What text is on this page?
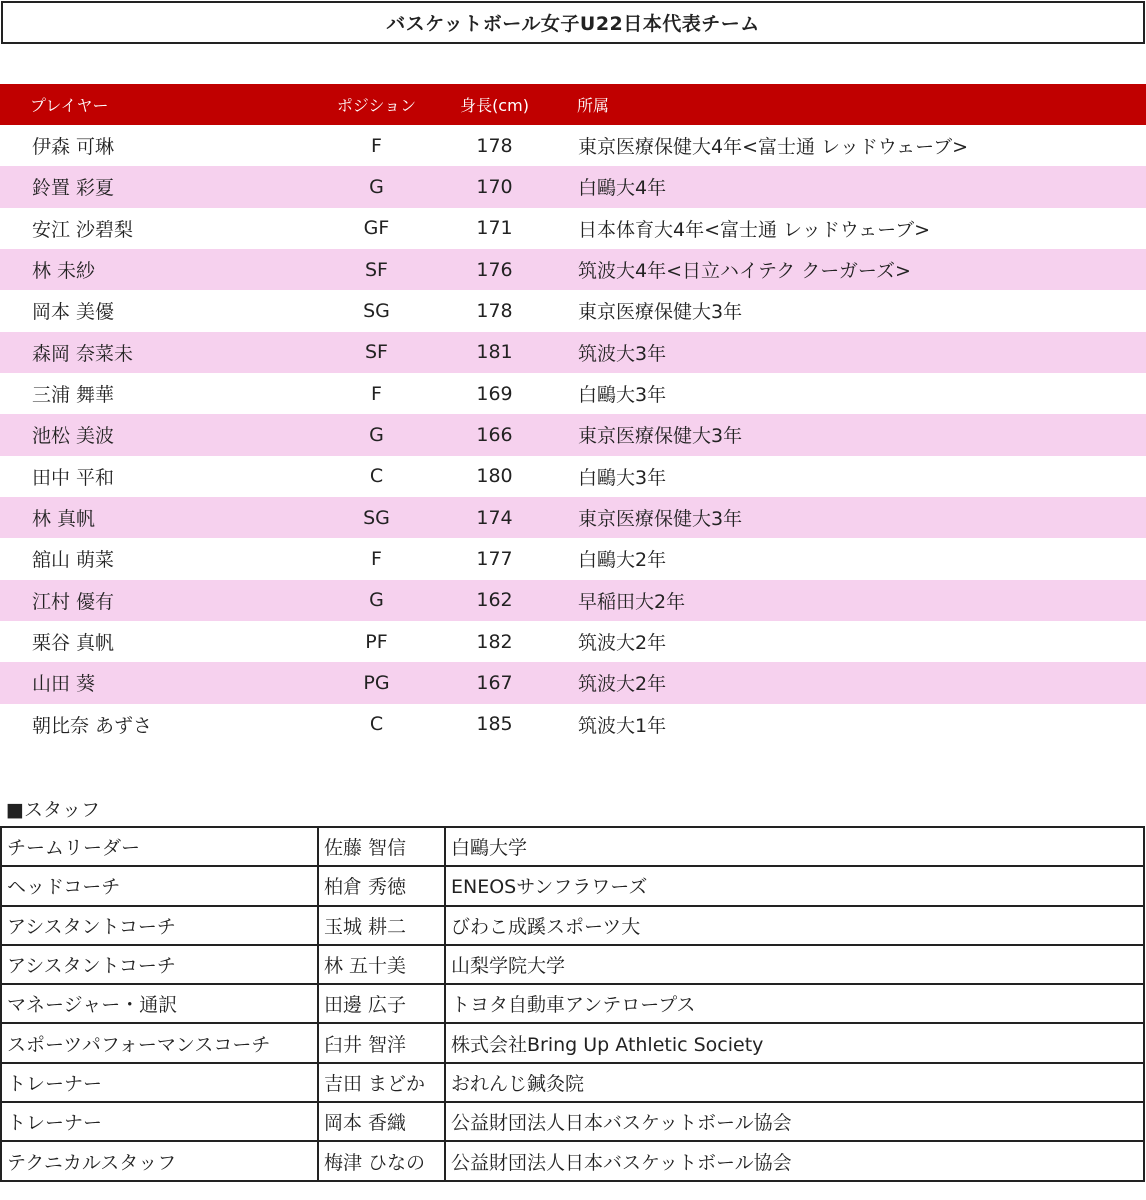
バスケットボール女子U22日本代表チーム
プレイヤー	ポジション	身長(cm)	所属
伊森 可琳	F	178	東京医療保健大4年<富士通 レッドウェーブ>
鈴置 彩夏	G	170	白鷗大4年
安江 沙碧梨	GF	171	日本体育大4年<富士通 レッドウェーブ>
林 未紗	SF	176	筑波大4年<日立ハイテク クーガーズ>
岡本 美優	SG	178	東京医療保健大3年
森岡 奈菜未	SF	181	筑波大3年
三浦 舞華	F	169	白鷗大3年
池松 美波	G	166	東京医療保健大3年
田中 平和	C	180	白鷗大3年
林 真帆	SG	174	東京医療保健大3年
舘山 萌菜	F	177	白鷗大2年
江村 優有	G	162	早稲田大2年
栗谷 真帆	PF	182	筑波大2年
山田 葵	PG	167	筑波大2年
朝比奈 あずさ	C	185	筑波大1年
■スタッフ
チームリーダー	佐藤 智信	白鷗大学
ヘッドコーチ	柏倉 秀徳	ENEOSサンフラワーズ
アシスタントコーチ	玉城 耕二	びわこ成蹊スポーツ大
アシスタントコーチ	林 五十美	山梨学院大学
マネージャー・通訳	田邊 広子	トヨタ自動車アンテロープス
スポーツパフォーマンスコーチ	臼井 智洋	株式会社Bring Up Athletic Society
トレーナー	吉田 まどか	おれんじ鍼灸院
トレーナー	岡本 香織	公益財団法人日本バスケットボール協会
テクニカルスタッフ	梅津 ひなの	公益財団法人日本バスケットボール協会
